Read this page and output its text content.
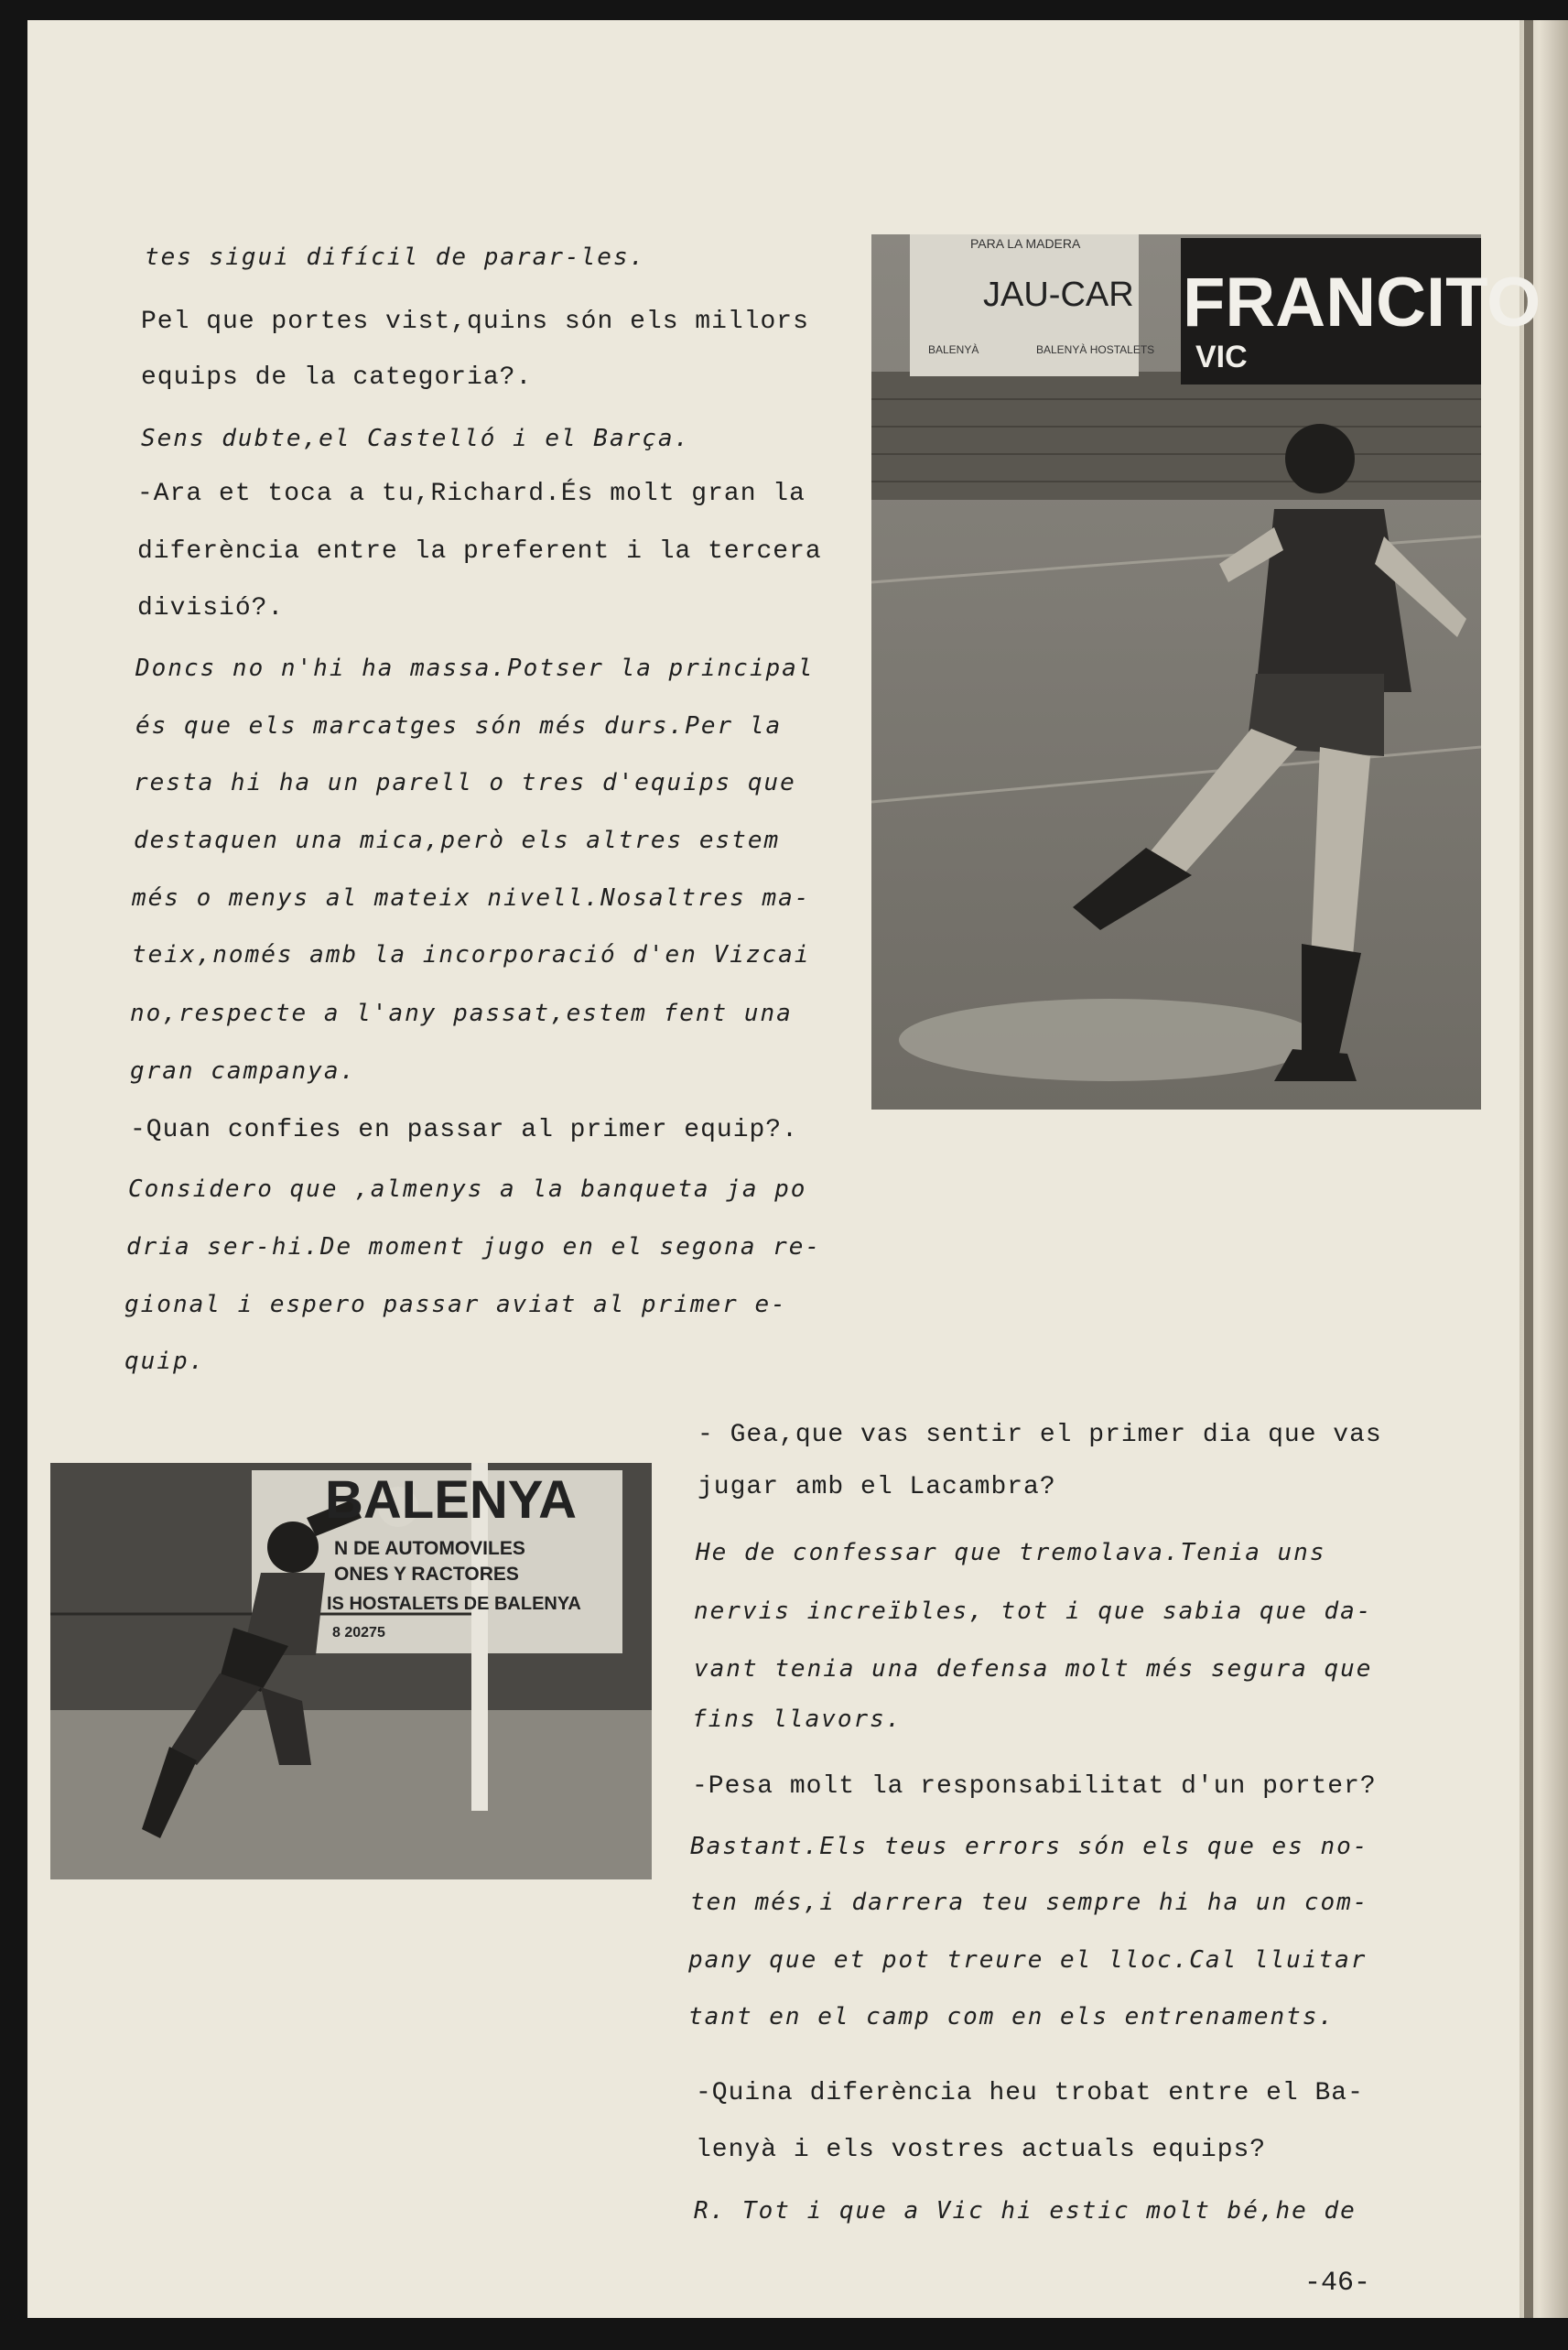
tes sigui difícil de parar-les.
Pel que portes vist,quins són els millors
equips de la categoria?.
Sens dubte,el Castelló i el Barça.
-Ara et toca a tu,Richard.És molt gran la
diferència entre la preferent i la tercera
divisió?.
Doncs no n'hi ha massa.Potser la principal
és que els marcatges són més durs.Per la
resta hi ha un parell o tres d'equips que
destaquen una mica,però els altres estem
més o menys al mateix nivell.Nosaltres ma-
teix,només amb la incorporació d'en Vizcai
no,respecte a l'any passat,estem fent una
gran campanya.
-Quan confies en passar al primer equip?.
Considero que ,almenys a la banqueta ja po
dria ser-hi.De moment jugo en el segona re-
gional i espero passar aviat al primer e-
quip.
PARA LA MADERA
JAU-CAR
BALENYÀ	BALENYÀ HOSTALETS
FRANCITO
VIC
BALENYA
N DE AUTOMOVILES
ONES Y RACTORES
IS HOSTALETS DE BALENYA
8 20275
- Gea,que vas sentir el primer dia que vas
jugar amb el Lacambra?
He de confessar que tremolava.Tenia uns
nervis increïbles, tot i que sabia que da-
vant tenia una defensa molt més segura que
fins llavors.
-Pesa molt la responsabilitat d'un porter?
Bastant.Els teus errors són els que es no-
ten més,i darrera teu sempre hi ha un com-
pany que et pot treure el lloc.Cal lluitar
tant en el camp com en els entrenaments.
-Quina diferència heu trobat entre el Ba-
lenyà i els vostres actuals equips?
R. Tot i que a Vic hi estic molt bé,he de
-46-
